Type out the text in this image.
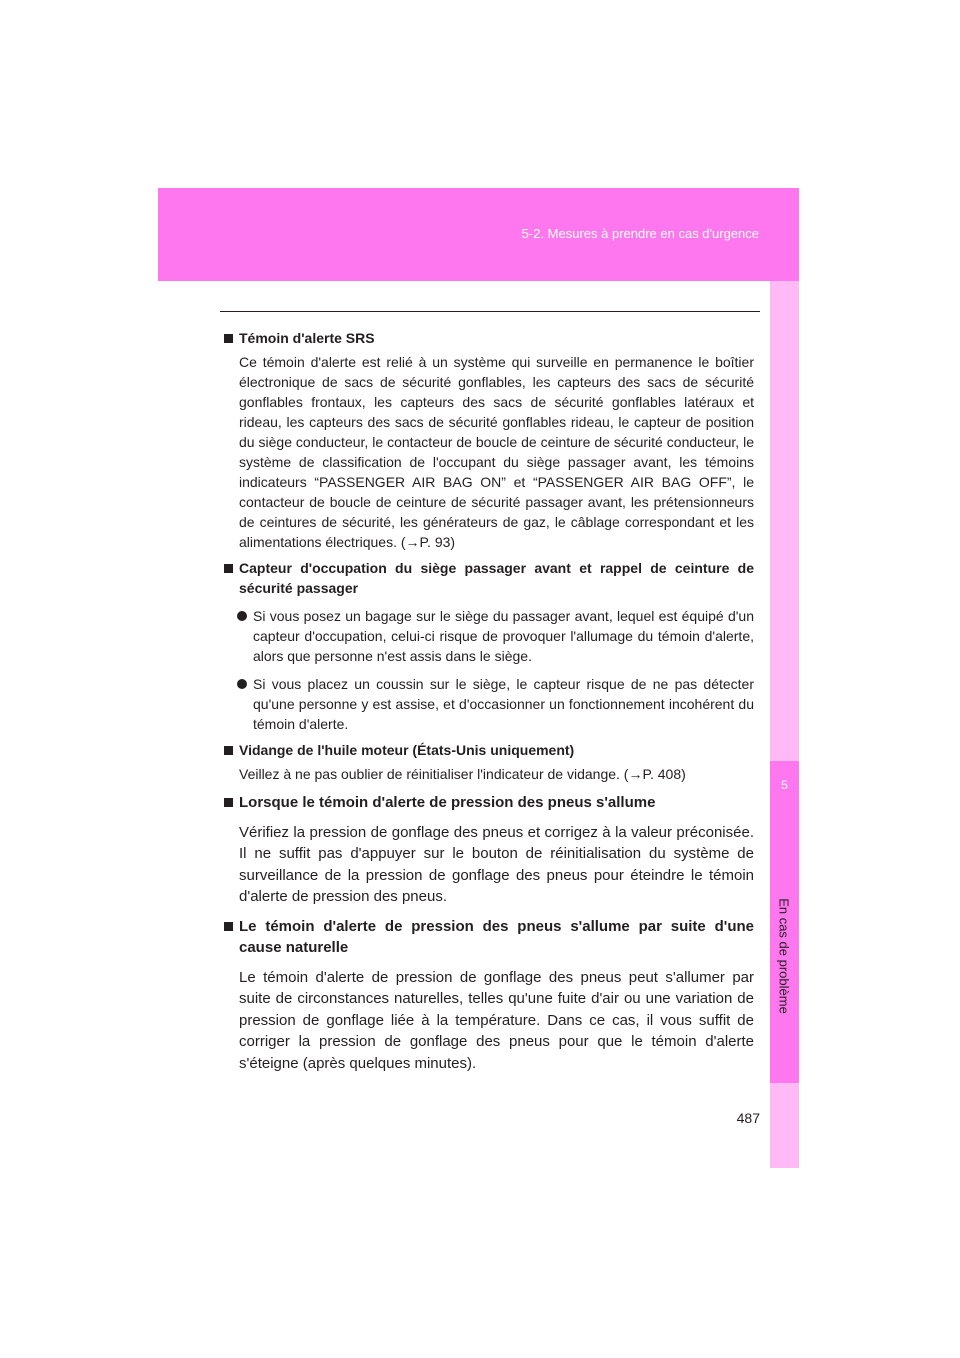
5-2. Mesures à prendre en cas d'urgence
5
En cas de problème
Témoin d'alerte SRS
Ce témoin d'alerte est relié à un système qui surveille en permanence le boîtier électronique de sacs de sécurité gonflables, les capteurs des sacs de sécurité gonflables frontaux, les capteurs des sacs de sécurité gonflables latéraux et rideau, les capteurs des sacs de sécurité gonflables rideau, le capteur de position du siège conducteur, le contacteur de boucle de ceinture de sécurité conducteur, le système de classification de l'occupant du siège passager avant, les témoins indicateurs “PASSENGER AIR BAG ON” et “PASSENGER AIR BAG OFF”, le contacteur de boucle de ceinture de sécurité passager avant, les prétensionneurs de ceintures de sécurité, les générateurs de gaz, le câblage correspondant et les alimentations électriques. (→P. 93)
Capteur d'occupation du siège passager avant et rappel de ceinture de sécurité passager
Si vous posez un bagage sur le siège du passager avant, lequel est équipé d'un capteur d'occupation, celui-ci risque de provoquer l'allumage du témoin d'alerte, alors que personne n'est assis dans le siège.
Si vous placez un coussin sur le siège, le capteur risque de ne pas détecter qu'une personne y est assise, et d'occasionner un fonctionnement incohérent du témoin d'alerte.
Vidange de l'huile moteur (États-Unis uniquement)
Veillez à ne pas oublier de réinitialiser l'indicateur de vidange. (→P. 408)
Lorsque le témoin d'alerte de pression des pneus s'allume
Vérifiez la pression de gonflage des pneus et corrigez à la valeur préconisée. Il ne suffit pas d'appuyer sur le bouton de réinitialisation du système de surveillance de la pression de gonflage des pneus pour éteindre le témoin d'alerte de pression des pneus.
Le témoin d'alerte de pression des pneus s'allume par suite d'une cause naturelle
Le témoin d'alerte de pression de gonflage des pneus peut s'allumer par suite de circonstances naturelles, telles qu'une fuite d'air ou une variation de pression de gonflage liée à la température. Dans ce cas, il vous suffit de corriger la pression de gonflage des pneus pour que le témoin d'alerte s'éteigne (après quelques minutes).
487
